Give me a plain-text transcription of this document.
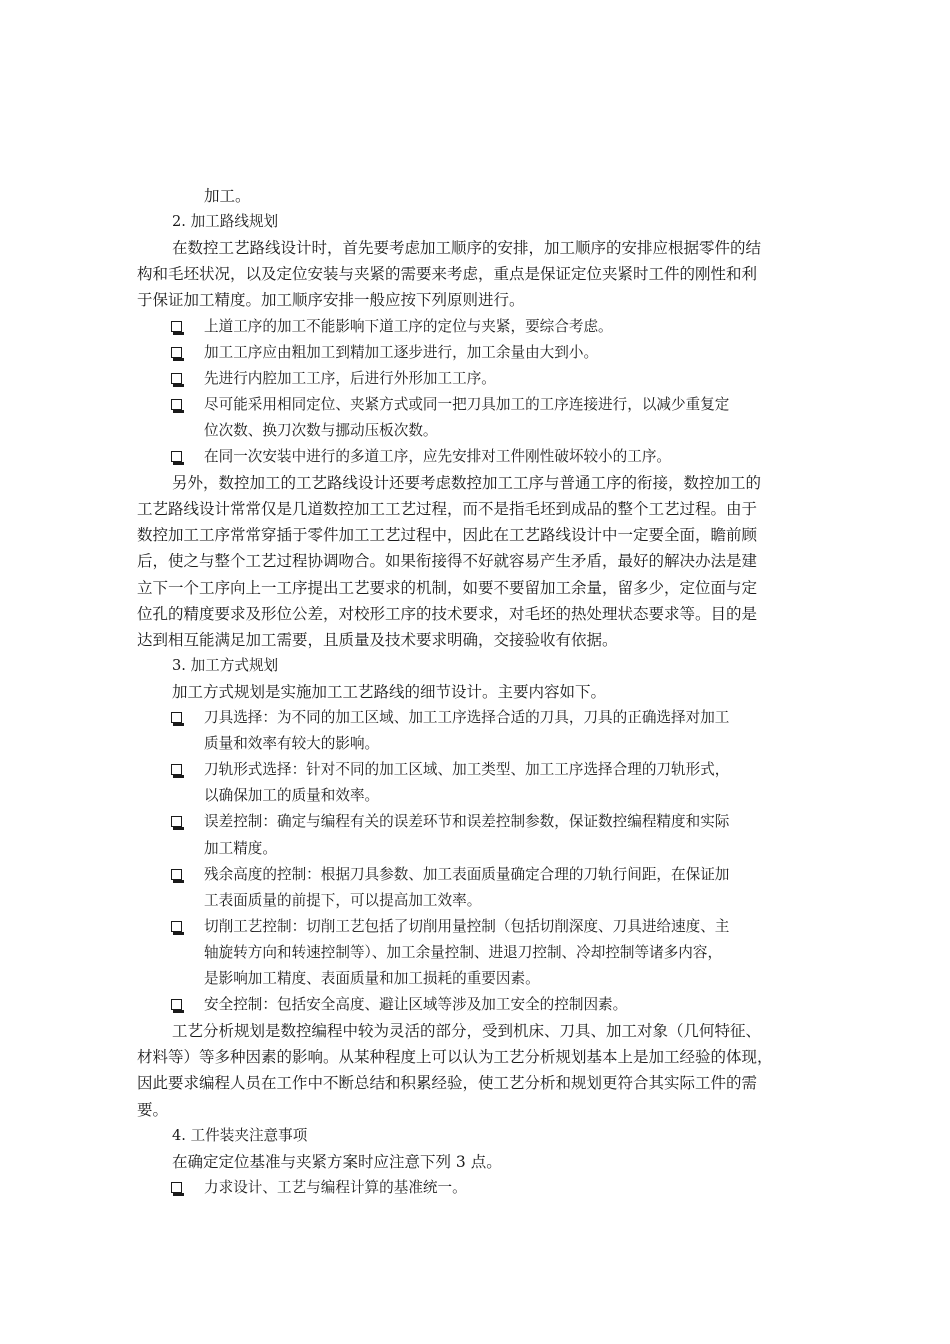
加工。
2. 加工路线规划
在数控工艺路线设计时，首先要考虑加工顺序的安排，加工顺序的安排应根据零件的结
构和毛坯状况，以及定位安装与夹紧的需要来考虑，重点是保证定位夹紧时工件的刚性和利
于保证加工精度。加工顺序安排一般应按下列原则进行。
上道工序的加工不能影响下道工序的定位与夹紧，要综合考虑。
加工工序应由粗加工到精加工逐步进行，加工余量由大到小。
先进行内腔加工工序，后进行外形加工工序。
尽可能采用相同定位、夹紧方式或同一把刀具加工的工序连接进行，以减少重复定
位次数、换刀次数与挪动压板次数。
在同一次安装中进行的多道工序，应先安排对工件刚性破坏较小的工序。
另外，数控加工的工艺路线设计还要考虑数控加工工序与普通工序的衔接，数控加工的
工艺路线设计常常仅是几道数控加工工艺过程，而不是指毛坯到成品的整个工艺过程。由于
数控加工工序常常穿插于零件加工工艺过程中，因此在工艺路线设计中一定要全面，瞻前顾
后，使之与整个工艺过程协调吻合。如果衔接得不好就容易产生矛盾，最好的解决办法是建
立下一个工序向上一工序提出工艺要求的机制，如要不要留加工余量，留多少，定位面与定
位孔的精度要求及形位公差，对校形工序的技术要求，对毛坯的热处理状态要求等。目的是
达到相互能满足加工需要，且质量及技术要求明确，交接验收有依据。
3. 加工方式规划
加工方式规划是实施加工工艺路线的细节设计。主要内容如下。
刀具选择：为不同的加工区域、加工工序选择合适的刀具，刀具的正确选择对加工
质量和效率有较大的影响。
刀轨形式选择：针对不同的加工区域、加工类型、加工工序选择合理的刀轨形式，
以确保加工的质量和效率。
误差控制：确定与编程有关的误差环节和误差控制参数，保证数控编程精度和实际
加工精度。
残余高度的控制：根据刀具参数、加工表面质量确定合理的刀轨行间距，在保证加
工表面质量的前提下，可以提高加工效率。
切削工艺控制：切削工艺包括了切削用量控制（包括切削深度、刀具进给速度、主
轴旋转方向和转速控制等）、加工余量控制、进退刀控制、冷却控制等诸多内容，
是影响加工精度、表面质量和加工损耗的重要因素。
安全控制：包括安全高度、避让区域等涉及加工安全的控制因素。
工艺分析规划是数控编程中较为灵活的部分，受到机床、刀具、加工对象（几何特征、
材料等）等多种因素的影响。从某种程度上可以认为工艺分析规划基本上是加工经验的体现，
因此要求编程人员在工作中不断总结和积累经验，使工艺分析和规划更符合其实际工件的需
要。
4. 工件装夹注意事项
在确定定位基准与夹紧方案时应注意下列 3 点。
力求设计、工艺与编程计算的基准统一。
